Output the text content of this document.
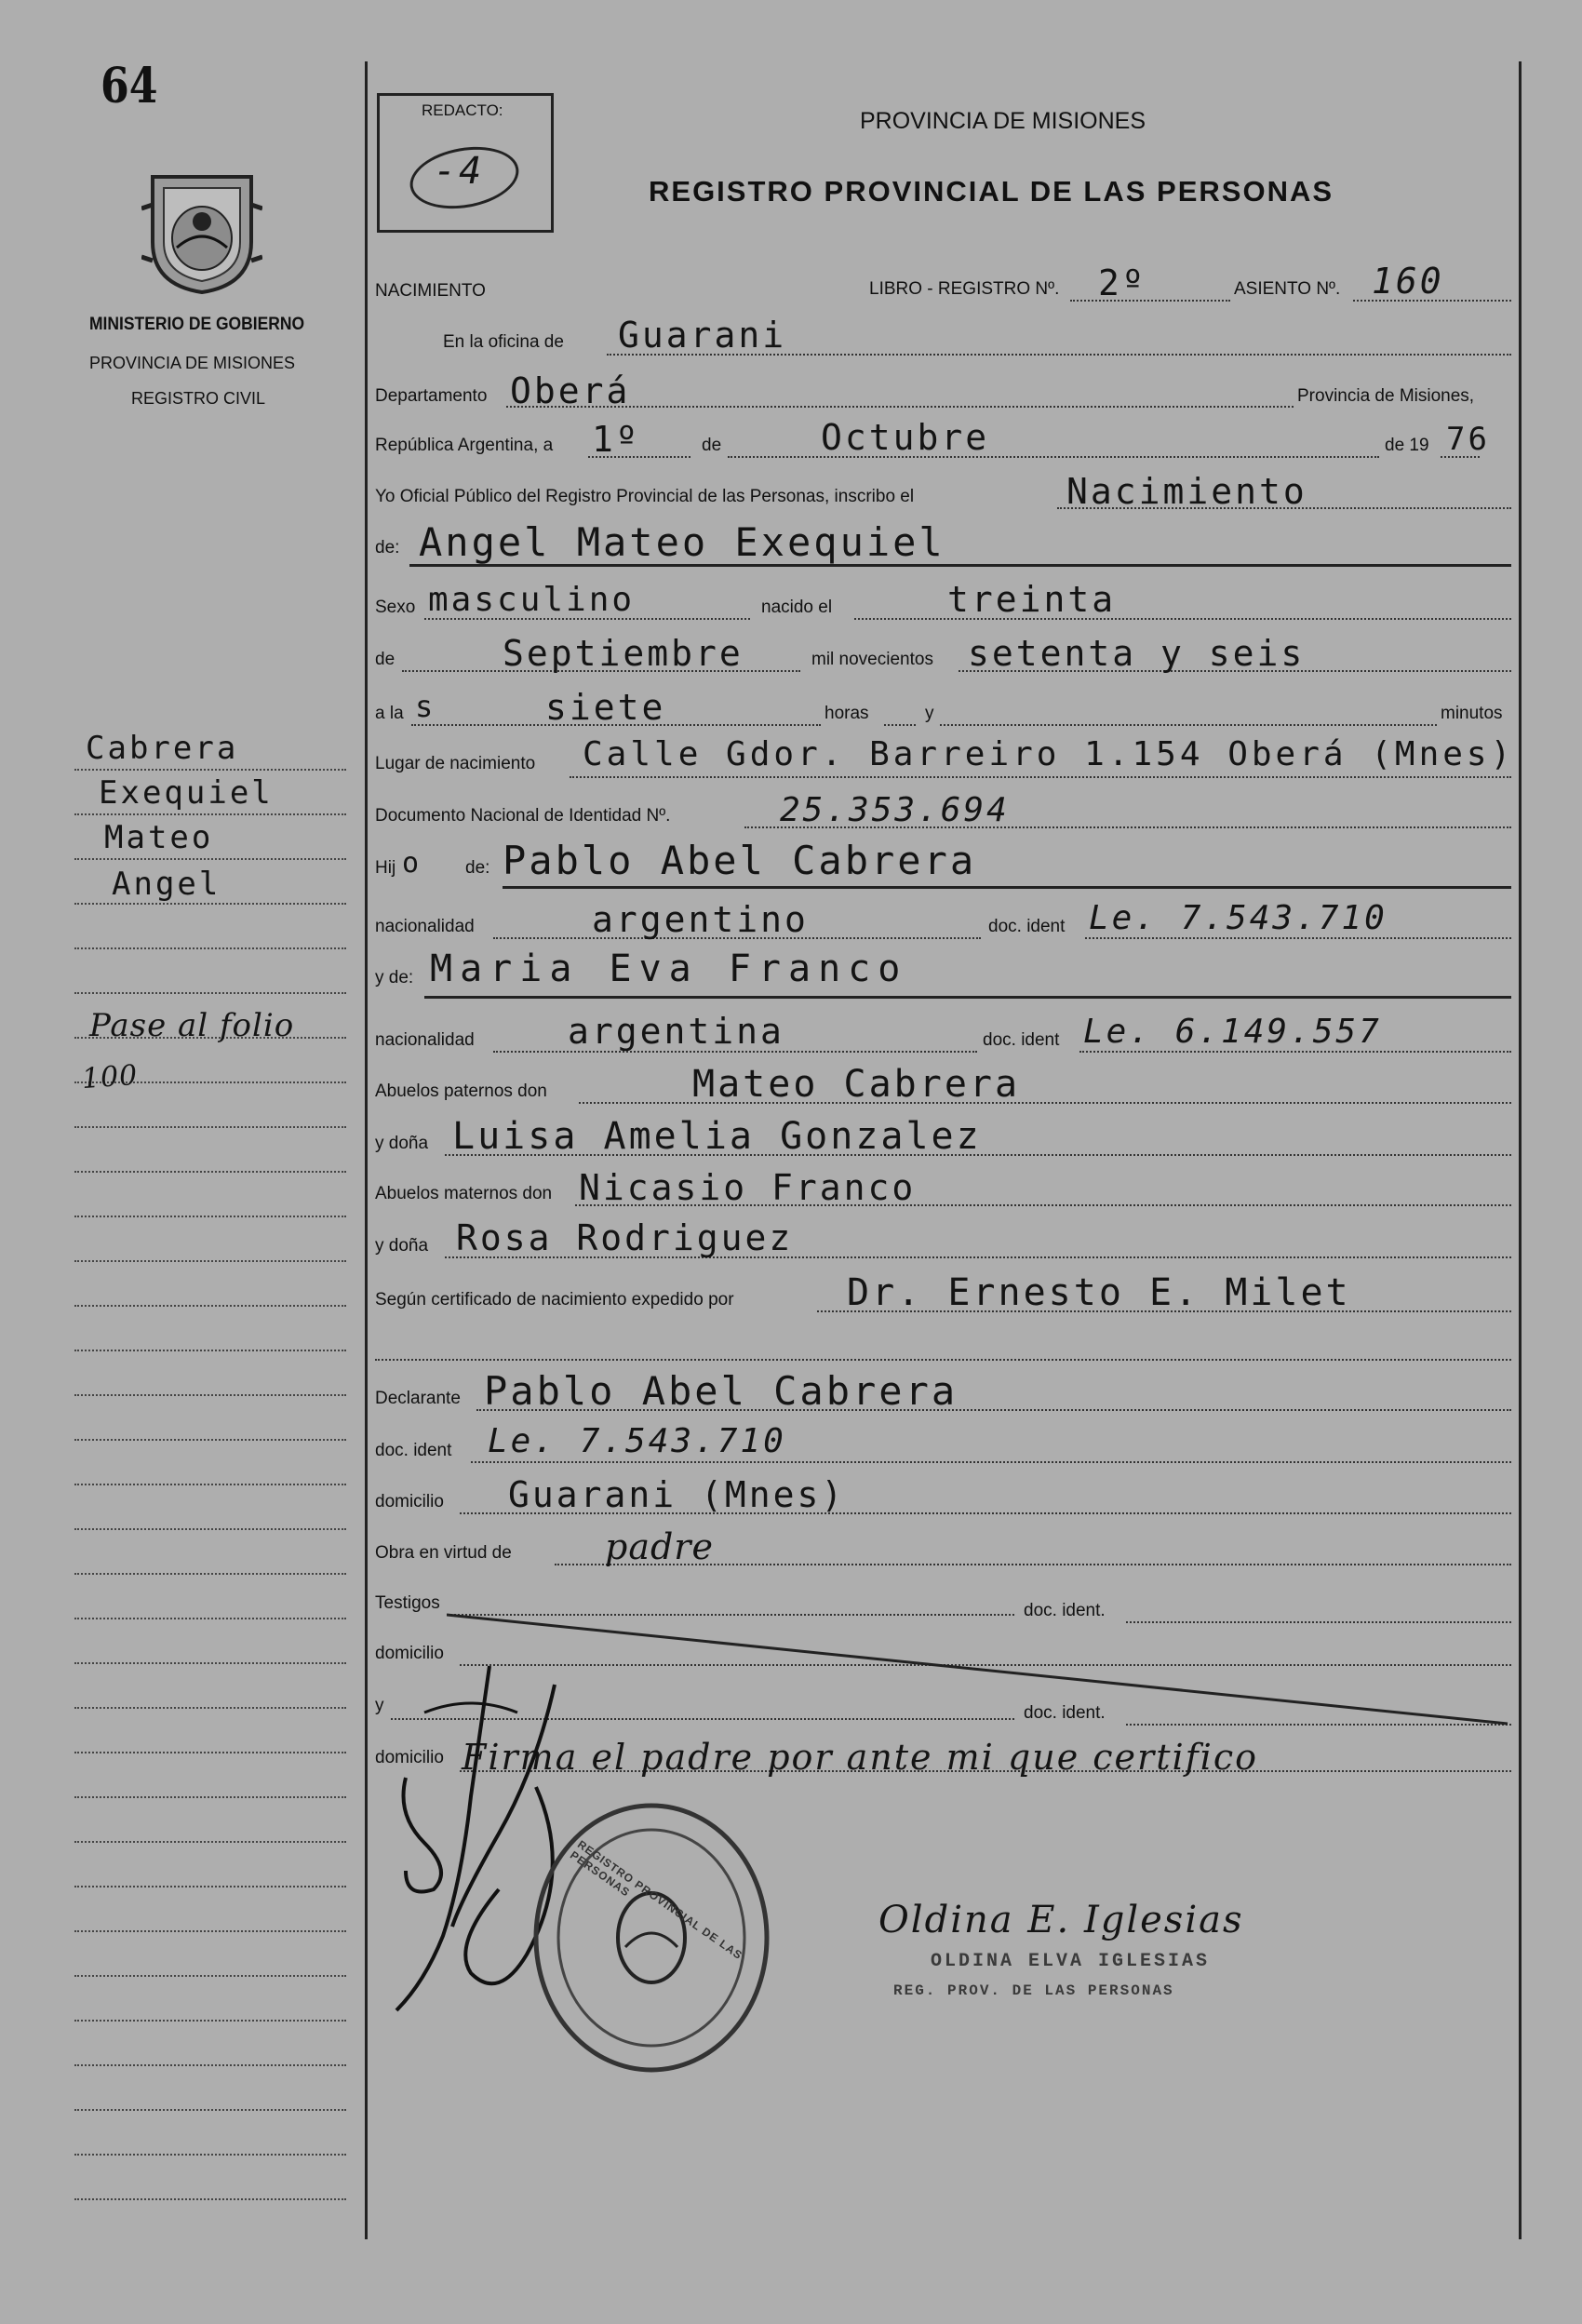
64
MINISTERIO DE GOBIERNO
PROVINCIA DE MISIONES
REGISTRO CIVIL
Cabrera
Exequiel
Mateo
Angel
Pase al folio
100
REDACTO:
-4
PROVINCIA DE MISIONES
REGISTRO PROVINCIAL DE LAS PERSONAS
NACIMIENTO	LIBRO - REGISTRO Nº. 2º	ASIENTO Nº. 160
En la oficina de Guarani
Departamento Oberá	Provincia de Misiones,
República Argentina, a 1º	de	Octubre	de 19 76
Yo Oficial Público del Registro Provincial de las Personas, inscribo el	Nacimiento
de: Angel Mateo Exequiel
Sexo masculino	nacido el	treinta
de	Septiembre	mil novecientos setenta y seis
a la s	siete	horas	y	minutos
Lugar de nacimiento Calle Gdor. Barreiro 1.154 Oberá (Mnes)
Documento Nacional de Identidad Nº.	25.353.694
Hij o de: Pablo Abel Cabrera
nacionalidad	argentino	doc. ident Le. 7.543.710
y de: Maria Eva Franco
nacionalidad	argentina	doc. ident Le. 6.149.557
Abuelos paternos don	Mateo Cabrera
y doña Luisa Amelia Gonzalez
Abuelos maternos don Nicasio Franco
y doña Rosa Rodriguez
Según certificado de nacimiento expedido por	Dr. Ernesto E. Milet
Declarante Pablo Abel Cabrera
doc. ident Le. 7.543.710
domicilio Guarani (Mnes)
Obra en virtud de	padre
Testigos	doc. ident.
domicilio
y	doc. ident.
domicilio Firma el padre por ante mi que certifico
REGISTRO PROVINCIAL DE LAS PERSONAS
Oldina E. Iglesias
OLDINA ELVA IGLESIAS
REG. PROV. DE LAS PERSONAS
